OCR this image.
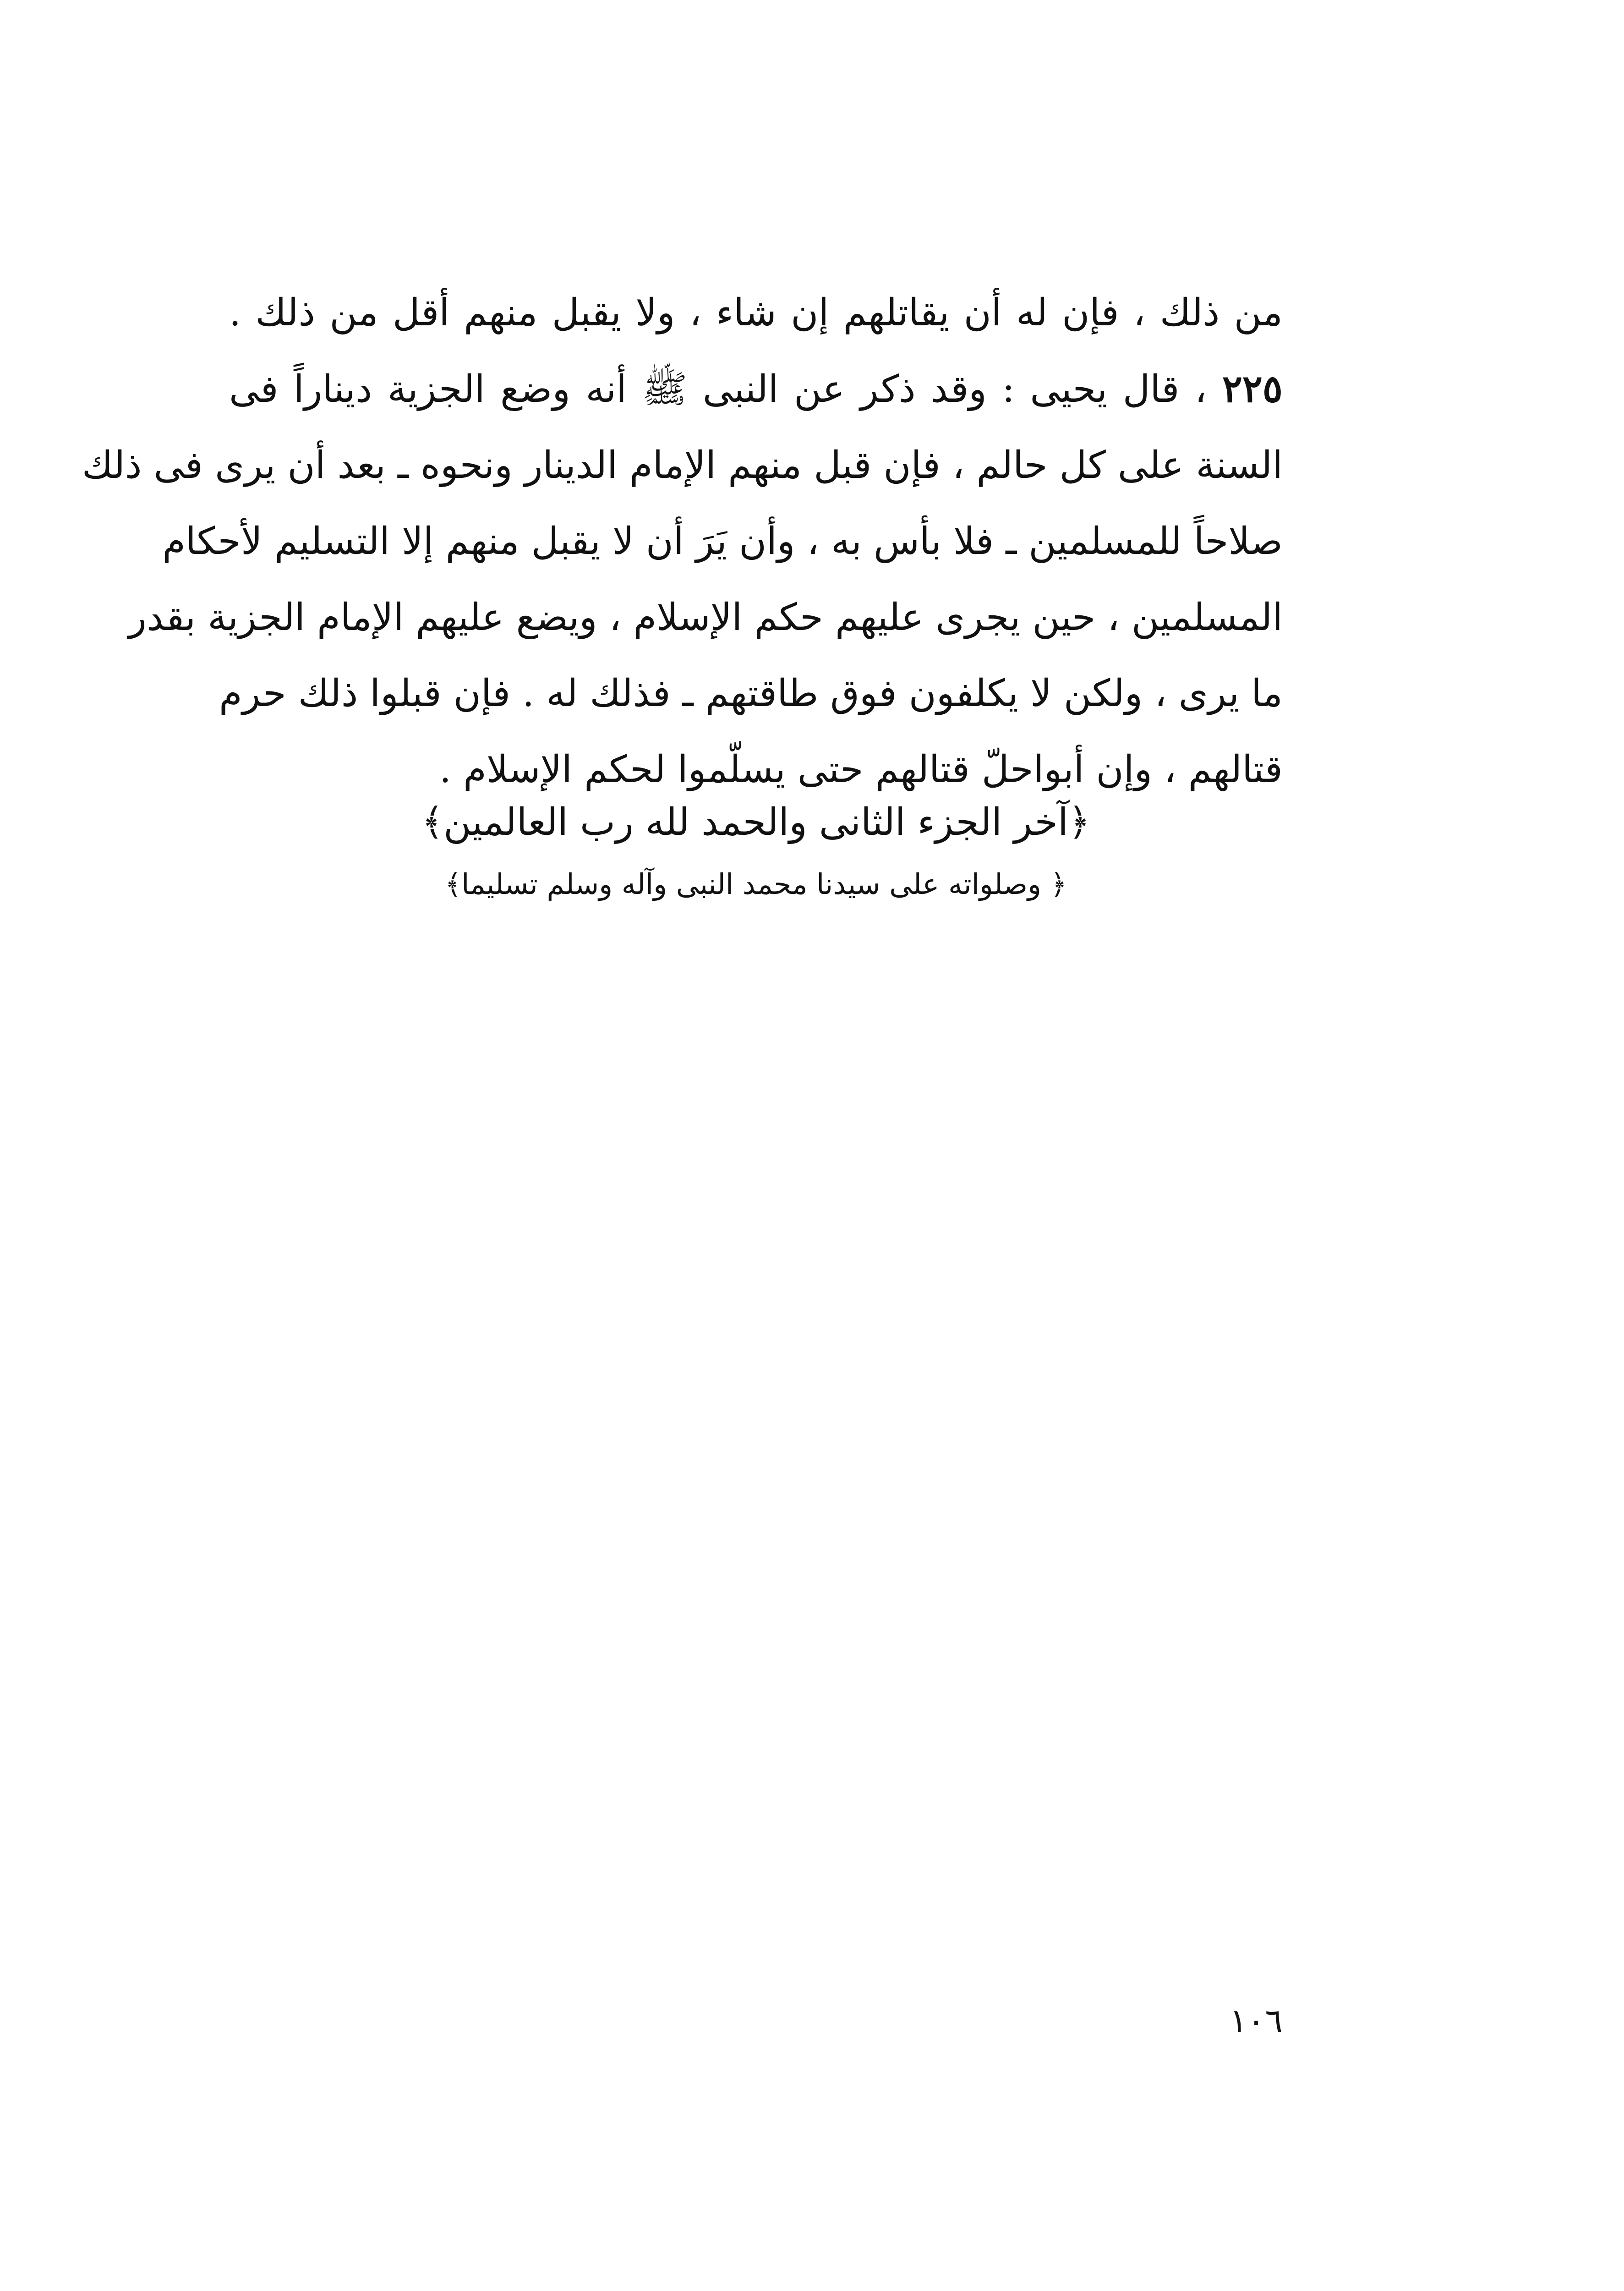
من ذلك ، فإن له أن يقاتلهم إن شاء ، ولا يقبل منهم أقل من ذلك .
٢٢٥ ، قال يحيى : وقد ذكر عن النبى ﷺ أنه وضع الجزية ديناراً فى
السنة على كل حالم ، فإن قبل منهم الإمام الدينار ونحوه ـ بعد أن يرى فى ذلك
صلاحاً للمسلمين ـ فلا بأس به ، وأن يَرَ أن لا يقبل منهم إلا التسليم لأحكام
المسلمين ، حين يجرى عليهم حكم الإسلام ، ويضع عليهم الإمام الجزية بقدر
ما يرى ، ولكن لا يكلفون فوق طاقتهم ـ فذلك له . فإن قبلوا ذلك حرم
قتالهم ، وإن أبواحلّ قتالهم حتى يسلّموا لحكم الإسلام .
﴿آخر الجزء الثانى والحمد لله رب العالمين﴾
﴿ وصلواته على سيدنا محمد النبى وآله وسلم تسليما﴾
١٠٦
